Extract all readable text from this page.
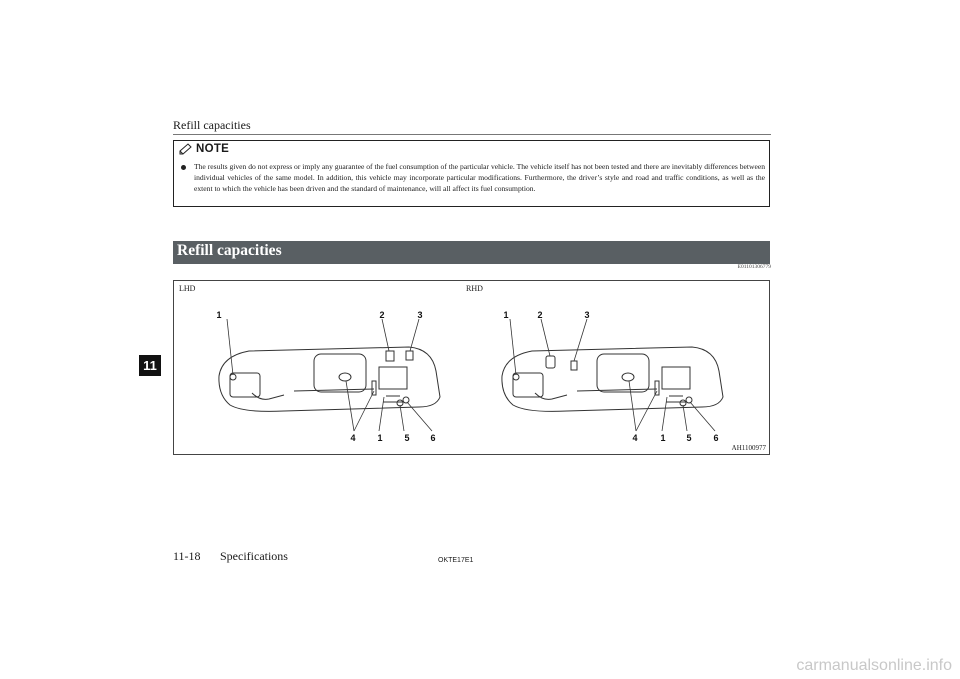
Refill capacities
NOTE
The results given do not express or imply any guarantee of the fuel consumption of the particular vehicle. The vehicle itself has not been tested and there are inevitably differences between individual vehicles of the same model. In addition, this vehicle may incorporate particular modifications. Furthermore, the driver’s style and road and traffic conditions, as well as the extent to which the vehicle has been driven and the standard of maintenance, will all affect its fuel consumption.
Refill capacities
E01101306779
1	2	3
4 1 5 6
1	2	3
4	1 5 6
LHD	RHD
AH1100977
11
11-18 Specifications	OKTE17E1
carmanualsonline.info
